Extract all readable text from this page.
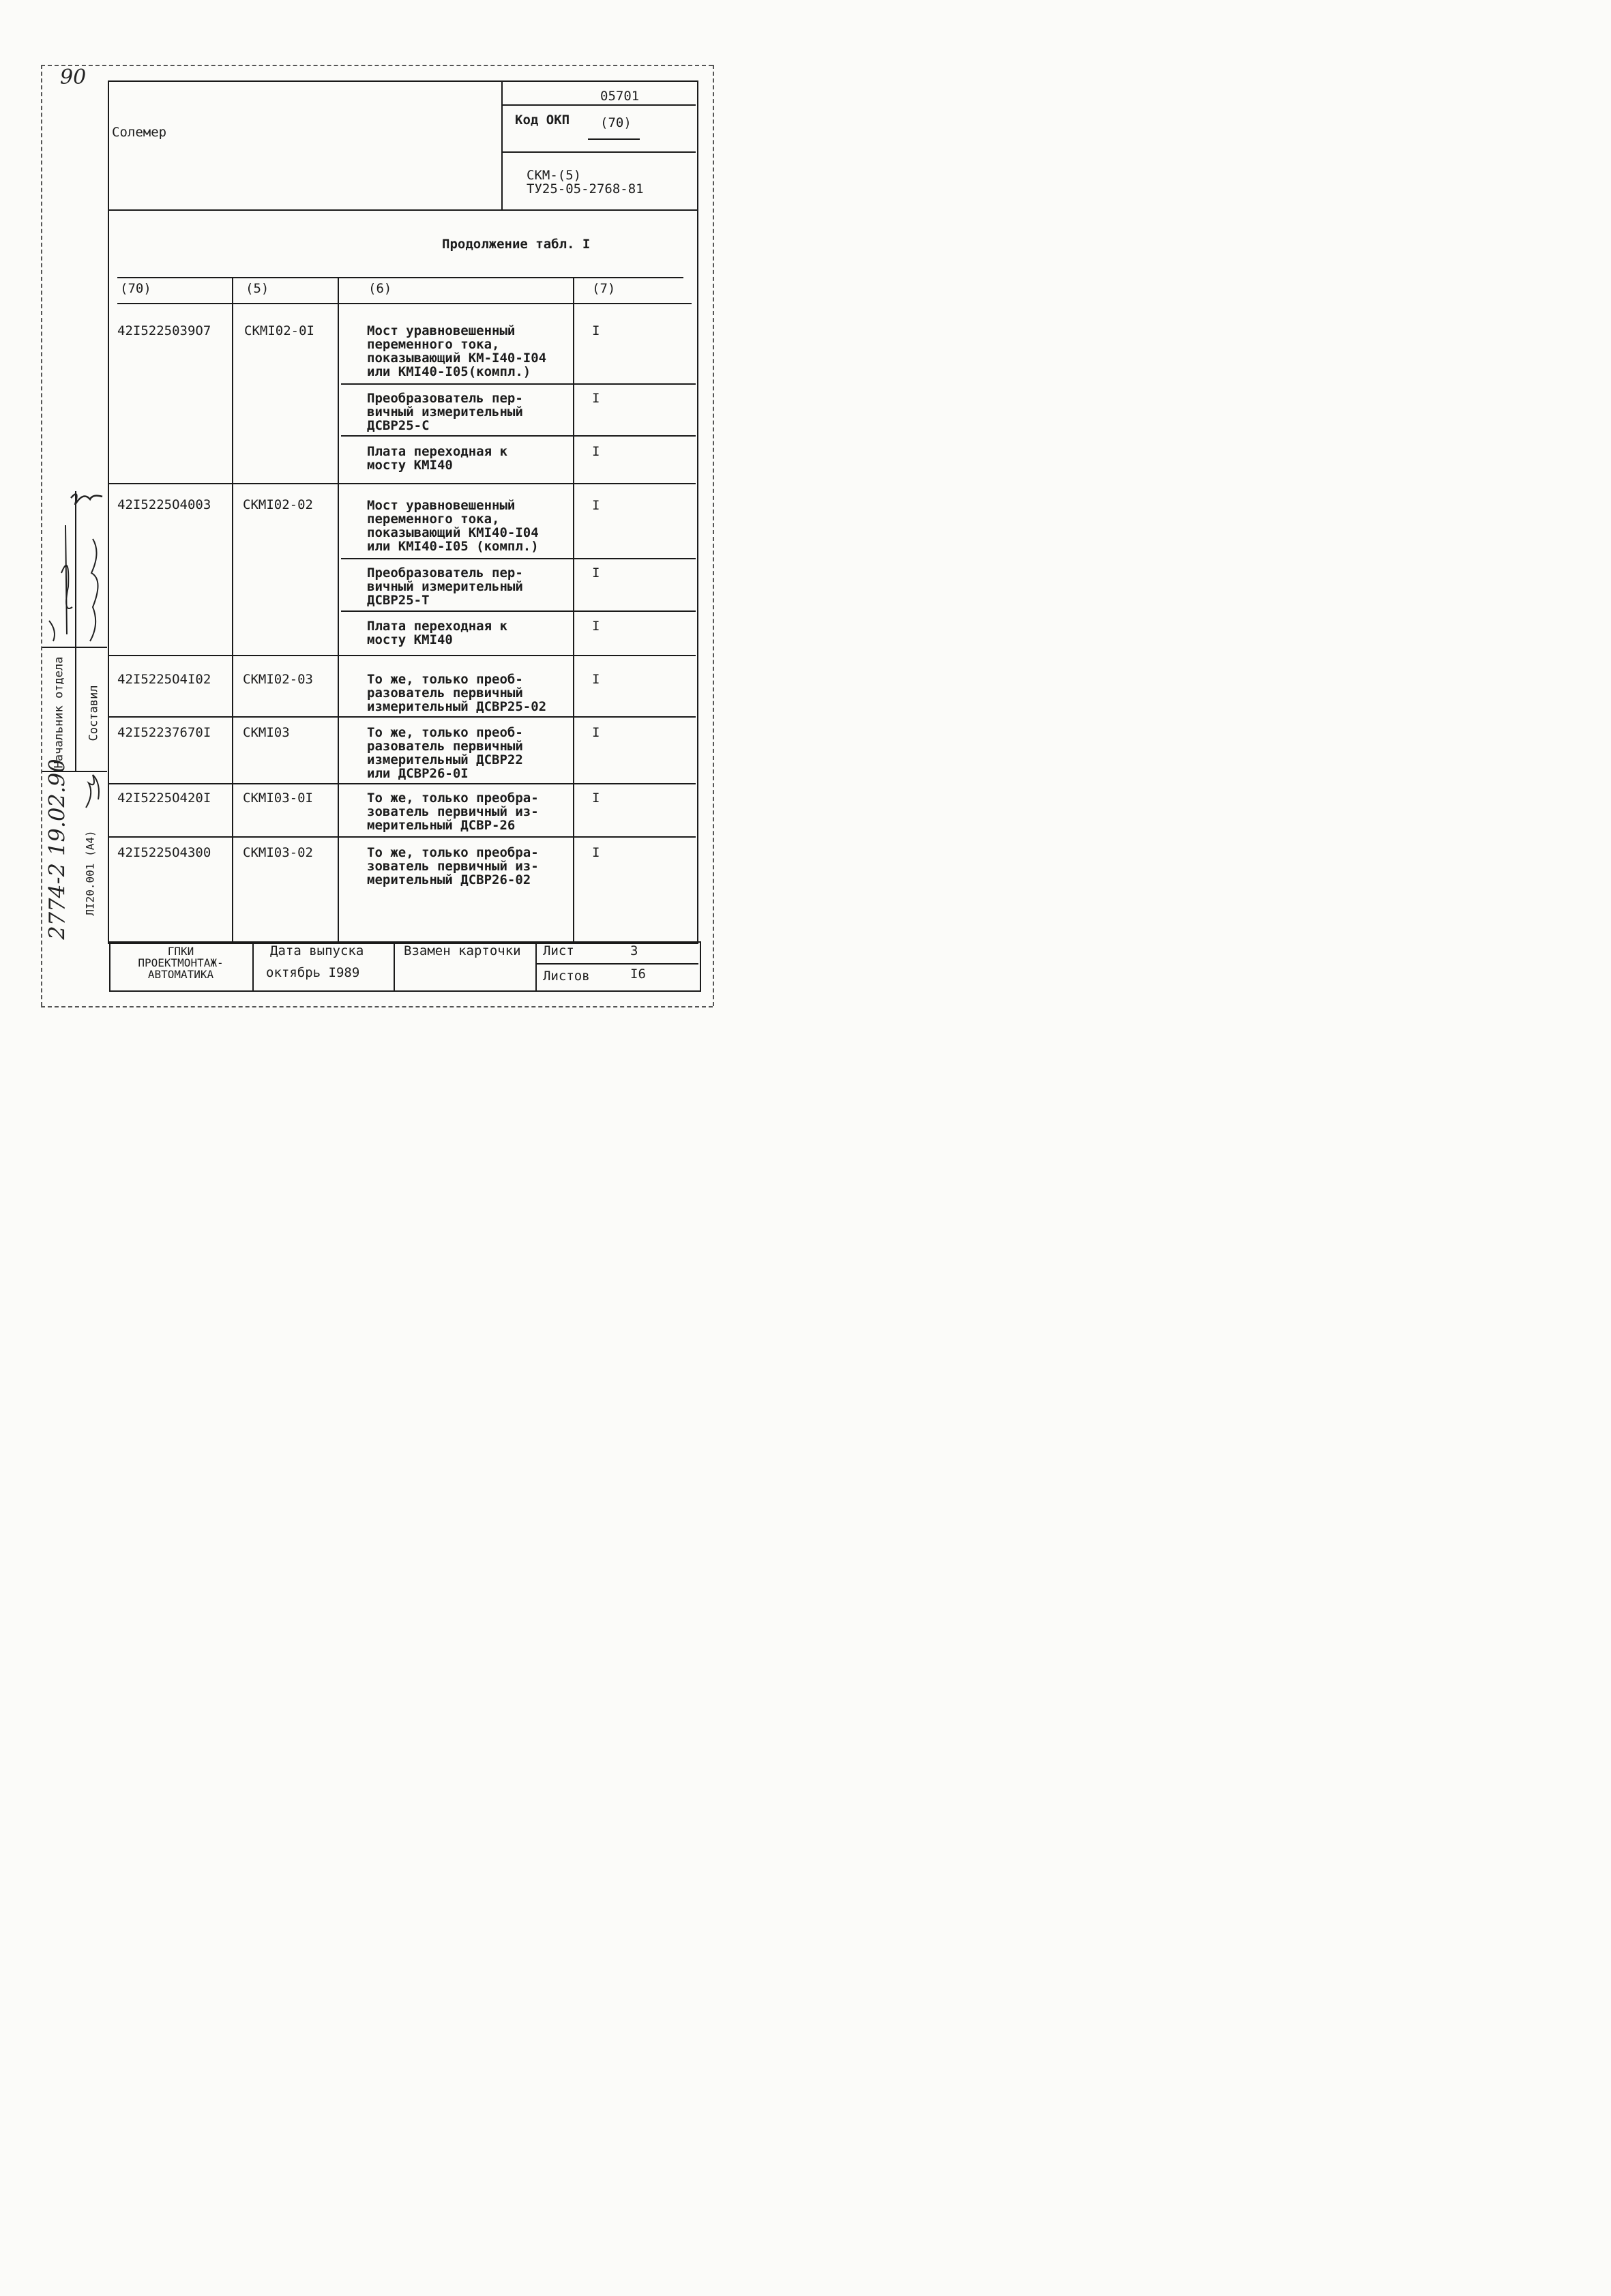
90
Солемер
05701
Код ОКП (70)
СКМ-(5)
ТУ25-05-2768-81
Продолжение табл. I
(70)	(5)	(6)	(7)
42I5225039O7	СКМI02-0I	Мост уравновешенный
переменного тока,
показывающий КМ-I40-I04
или КМI40-I05(компл.)
I
Преобразователь пер-
вичный измерительный
ДСВР25-С
I
Плата переходная к
мосту КМI40
I
42I5225O4003 СКМI02-02	Мост уравновешенный
переменного тока,
показывающий КМI40-I04
или КМI40-I05 (компл.)
I
Преобразователь пер-
вичный измерительный
ДСВР25-Т
I
Плата переходная к
мосту КМI40
I
42I5225O4I02 СКМI02-03	То же, только преоб-
разователь первичный
измерительный ДСВР25-02
I
42I52237670I СКМI03	То же, только преоб-
разователь первичный
измерительный ДСВР22
или ДСВР26-0I
I
42I5225O420I СКМI03-0I	То же, только преобра-
зователь первичный из-
мерительный ДСВР-26
I
42I5225O4300 СКМI03-02	То же, только преобра-
зователь первичный из-
мерительный ДСВР26-02
I
ГПКИ
ПРОЕКТМОНТАЖ-
АВТОМАТИКА
Дата выпуска
октябрь I989
Взамен карточки Лист	3
Листов	I6
Начальник отдела Составил
2774-2 19.02.90
ЛI20.001 (А4)
